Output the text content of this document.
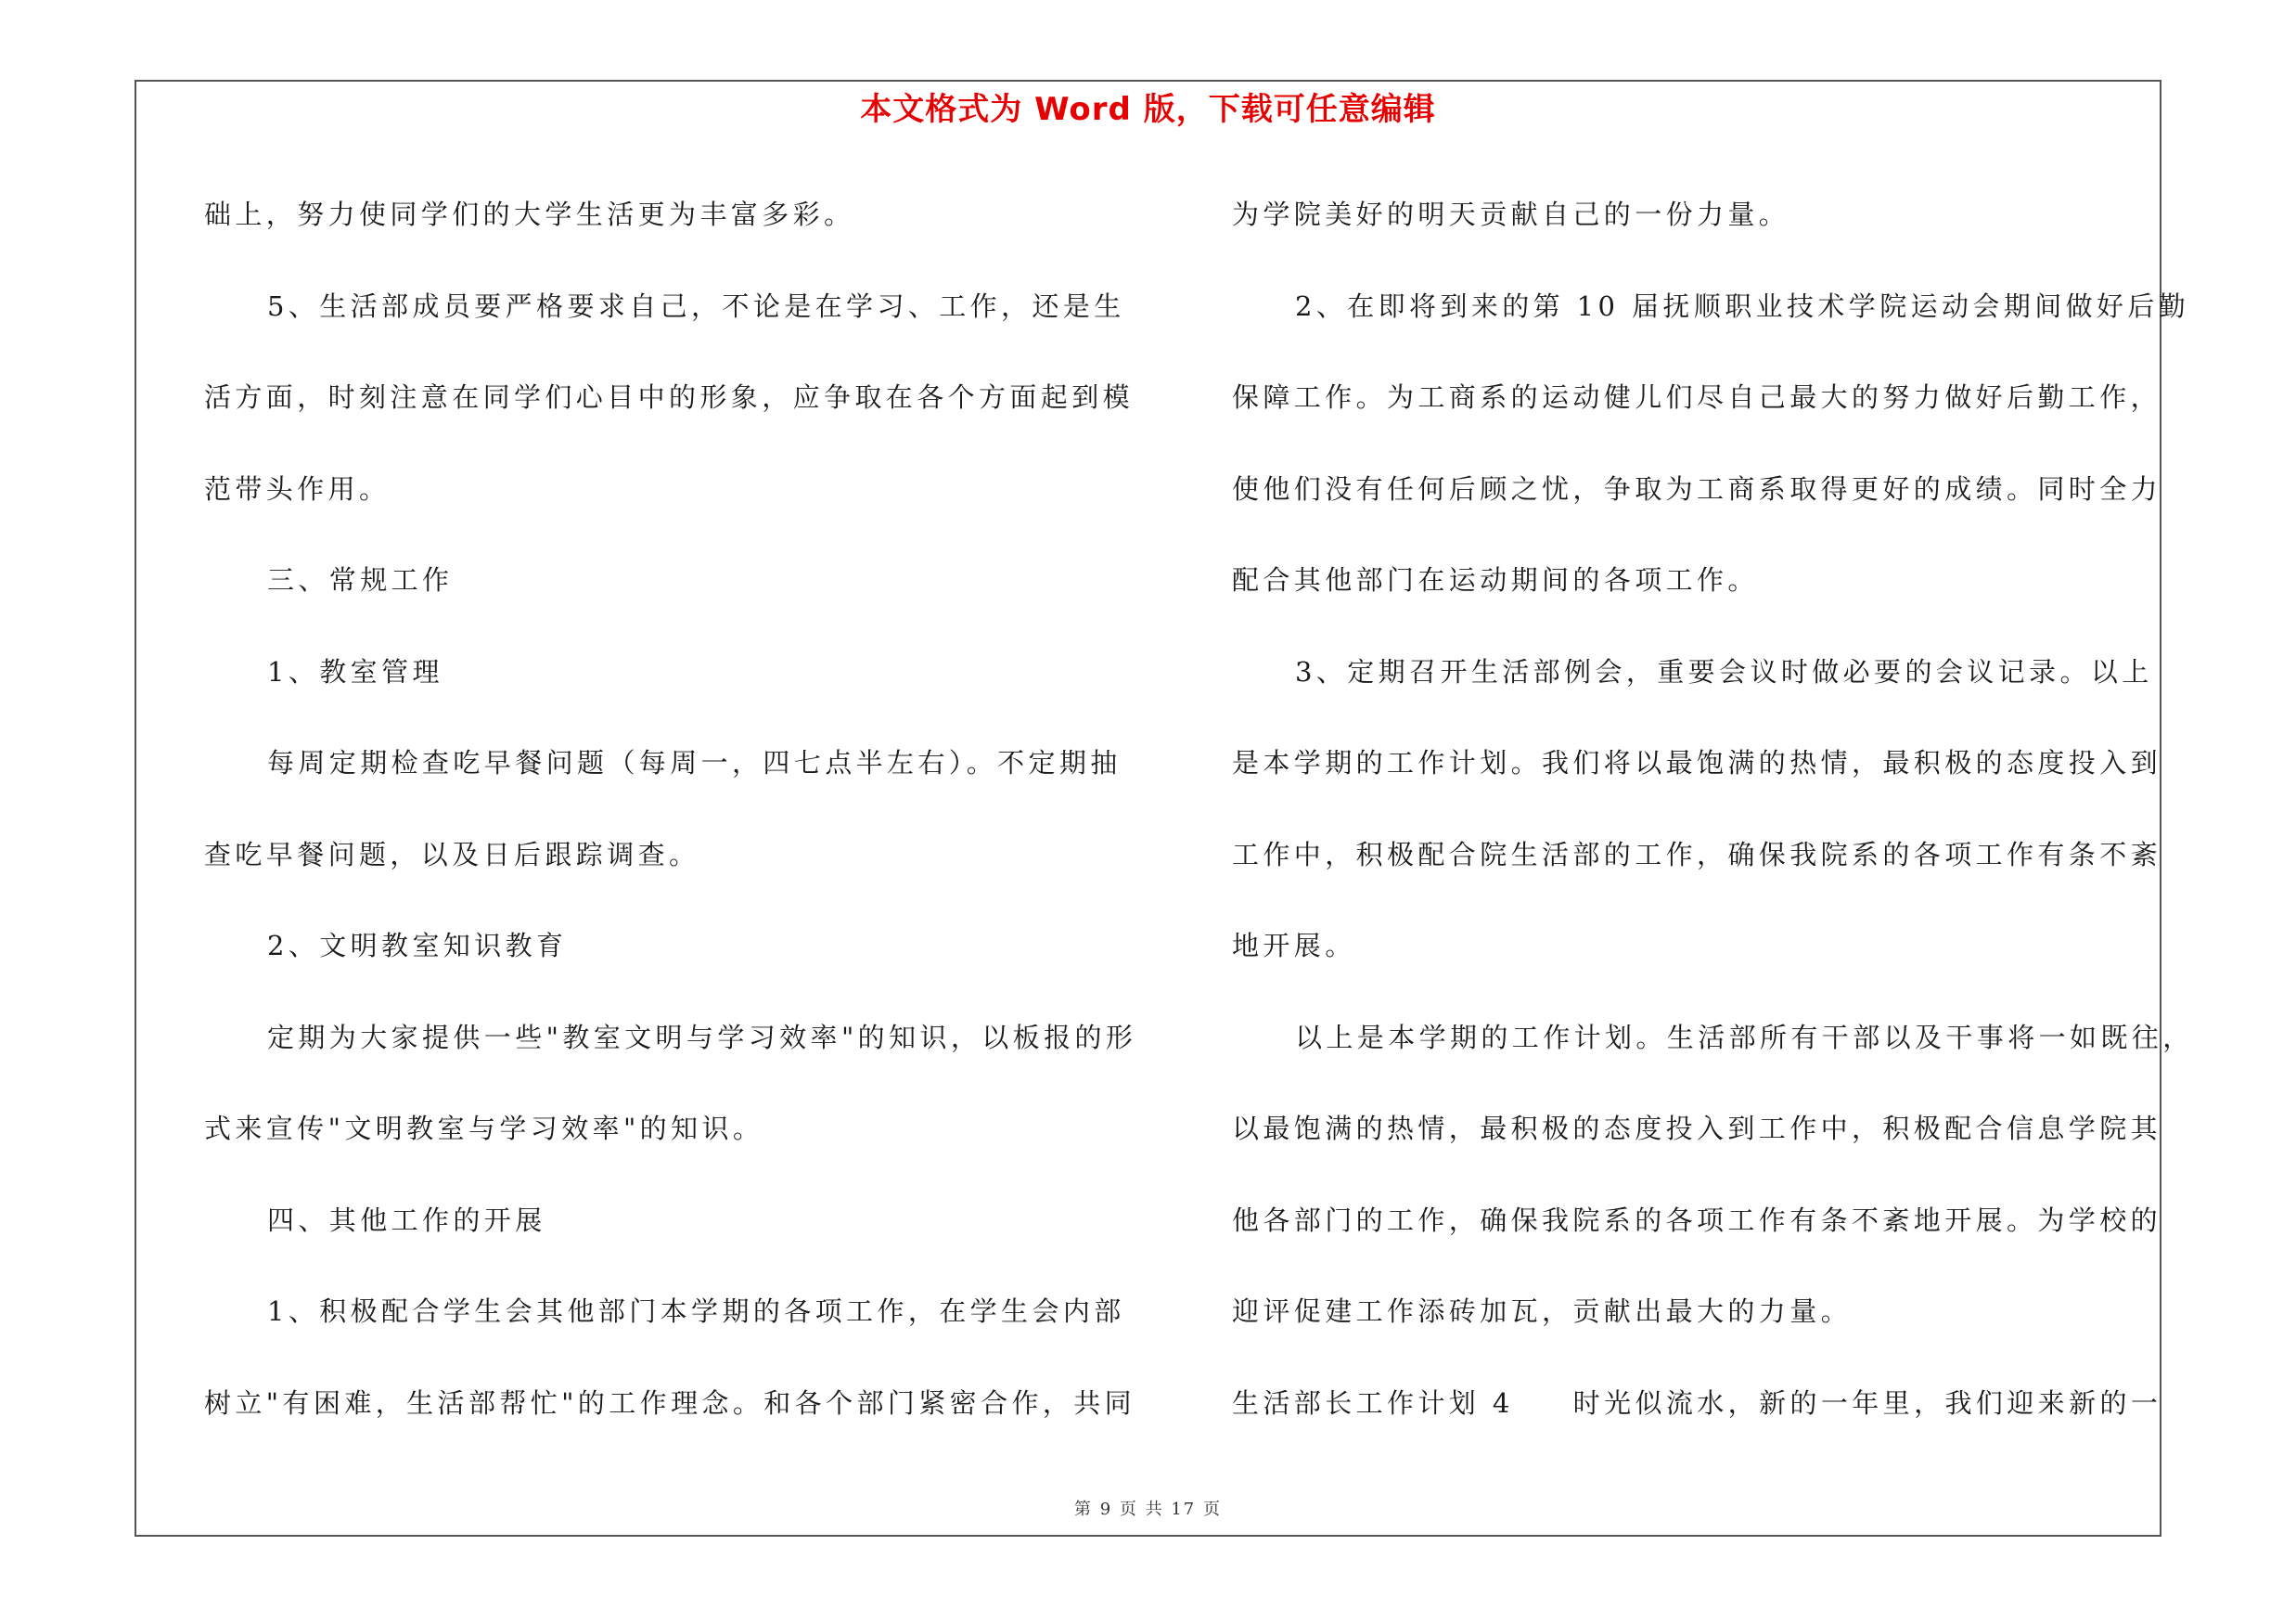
本文格式为 Word 版，下载可任意编辑
础上，努力使同学们的大学生活更为丰富多彩。
5、生活部成员要严格要求自己，不论是在学习、工作，还是生
活方面，时刻注意在同学们心目中的形象，应争取在各个方面起到模
范带头作用。
三、常规工作
1、教室管理
每周定期检查吃早餐问题（每周一，四七点半左右）。不定期抽
查吃早餐问题，以及日后跟踪调查。
2、文明教室知识教育
定期为大家提供一些"教室文明与学习效率"的知识，以板报的形
式来宣传"文明教室与学习效率"的知识。
四、其他工作的开展
1、积极配合学生会其他部门本学期的各项工作，在学生会内部
树立"有困难，生活部帮忙"的工作理念。和各个部门紧密合作，共同
为学院美好的明天贡献自己的一份力量。
2、在即将到来的第 10 届抚顺职业技术学院运动会期间做好后勤
保障工作。为工商系的运动健儿们尽自己最大的努力做好后勤工作，
使他们没有任何后顾之忧，争取为工商系取得更好的成绩。同时全力
配合其他部门在运动期间的各项工作。
3、定期召开生活部例会，重要会议时做必要的会议记录。以上
是本学期的工作计划。我们将以最饱满的热情，最积极的态度投入到
工作中，积极配合院生活部的工作，确保我院系的各项工作有条不紊
地开展。
以上是本学期的工作计划。生活部所有干部以及干事将一如既往，
以最饱满的热情，最积极的态度投入到工作中，积极配合信息学院其
他各部门的工作，确保我院系的各项工作有条不紊地开展。为学校的
迎评促建工作添砖加瓦，贡献出最大的力量。
生活部长工作计划 4 时光似流水，新的一年里，我们迎来新的一
第 9 页 共 17 页
